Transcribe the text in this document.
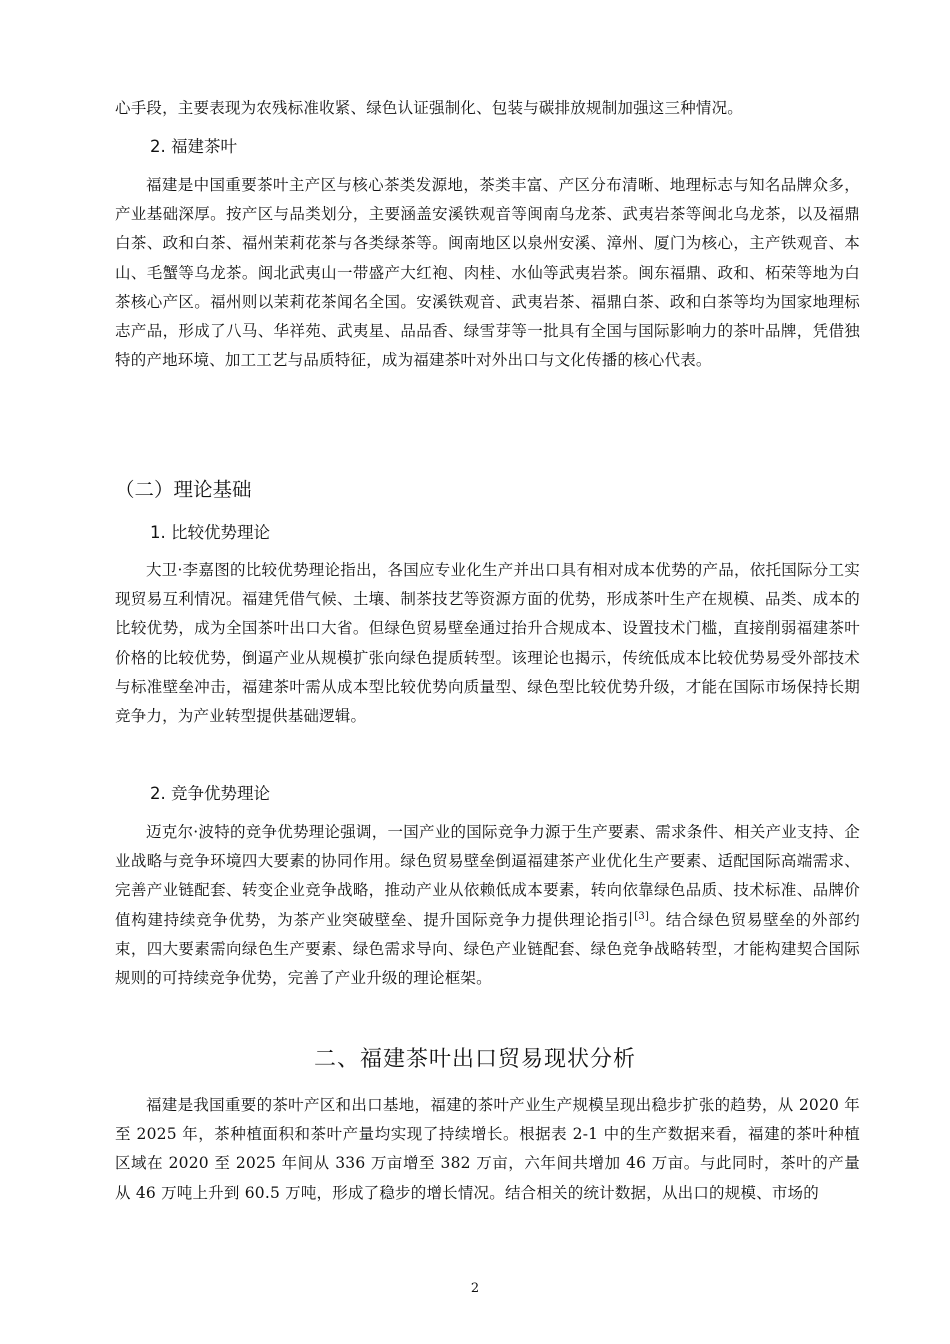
心手段，主要表现为农残标准收紧、绿色认证强制化、包装与碳排放规制加强这三种情况。

2. 福建茶叶

福建是中国重要茶叶主产区与核心茶类发源地，茶类丰富、产区分布清晰、地理标志与知名品牌众多，产业基础深厚。按产区与品类划分，主要涵盖安溪铁观音等闽南乌龙茶、武夷岩茶等闽北乌龙茶，以及福鼎白茶、政和白茶、福州茉莉花茶与各类绿茶等。闽南地区以泉州安溪、漳州、厦门为核心，主产铁观音、本山、毛蟹等乌龙茶。闽北武夷山一带盛产大红袍、肉桂、水仙等武夷岩茶。闽东福鼎、政和、柘荣等地为白茶核心产区。福州则以茉莉花茶闻名全国。安溪铁观音、武夷岩茶、福鼎白茶、政和白茶等均为国家地理标志产品，形成了八马、华祥苑、武夷星、品品香、绿雪芽等一批具有全国与国际影响力的茶叶品牌，凭借独特的产地环境、加工工艺与品质特征，成为福建茶叶对外出口与文化传播的核心代表。

（二）理论基础
1. 比较优势理论

大卫·李嘉图的比较优势理论指出，各国应专业化生产并出口具有相对成本优势的产品，依托国际分工实现贸易互利情况。福建凭借气候、土壤、制茶技艺等资源方面的优势，形成茶叶生产在规模、品类、成本的比较优势，成为全国茶叶出口大省。但绿色贸易壁垒通过抬升合规成本、设置技术门槛，直接削弱福建茶叶价格的比较优势，倒逼产业从规模扩张向绿色提质转型。该理论也揭示，传统低成本比较优势易受外部技术与标准壁垒冲击，福建茶叶需从成本型比较优势向质量型、绿色型比较优势升级，才能在国际市场保持长期竞争力，为产业转型提供基础逻辑。

2. 竞争优势理论

迈克尔·波特的竞争优势理论强调，一国产业的国际竞争力源于生产要素、需求条件、相关产业支持、企业战略与竞争环境四大要素的协同作用。绿色贸易壁垒倒逼福建茶产业优化生产要素、适配国际高端需求、完善产业链配套、转变企业竞争战略，推动产业从依赖低成本要素，转向依靠绿色品质、技术标准、品牌价值构建持续竞争优势，为茶产业突破壁垒、提升国际竞争力提供理论指引[3]。结合绿色贸易壁垒的外部约束，四大要素需向绿色生产要素、绿色需求导向、绿色产业链配套、绿色竞争战略转型，才能构建契合国际规则的可持续竞争优势，完善了产业升级的理论框架。

二、福建茶叶出口贸易现状分析

福建是我国重要的茶叶产区和出口基地，福建的茶叶产业生产规模呈现出稳步扩张的趋势，从 2020 年至 2025 年，茶种植面积和茶叶产量均实现了持续增长。根据表 2-1 中的生产数据来看，福建的茶叶种植区域在 2020 至 2025 年间从 336 万亩增至 382 万亩，六年间共增加 46 万亩。与此同时，茶叶的产量从 46 万吨上升到 60.5 万吨，形成了稳步的增长情况。结合相关的统计数据，从出口的规模、市场的

2
